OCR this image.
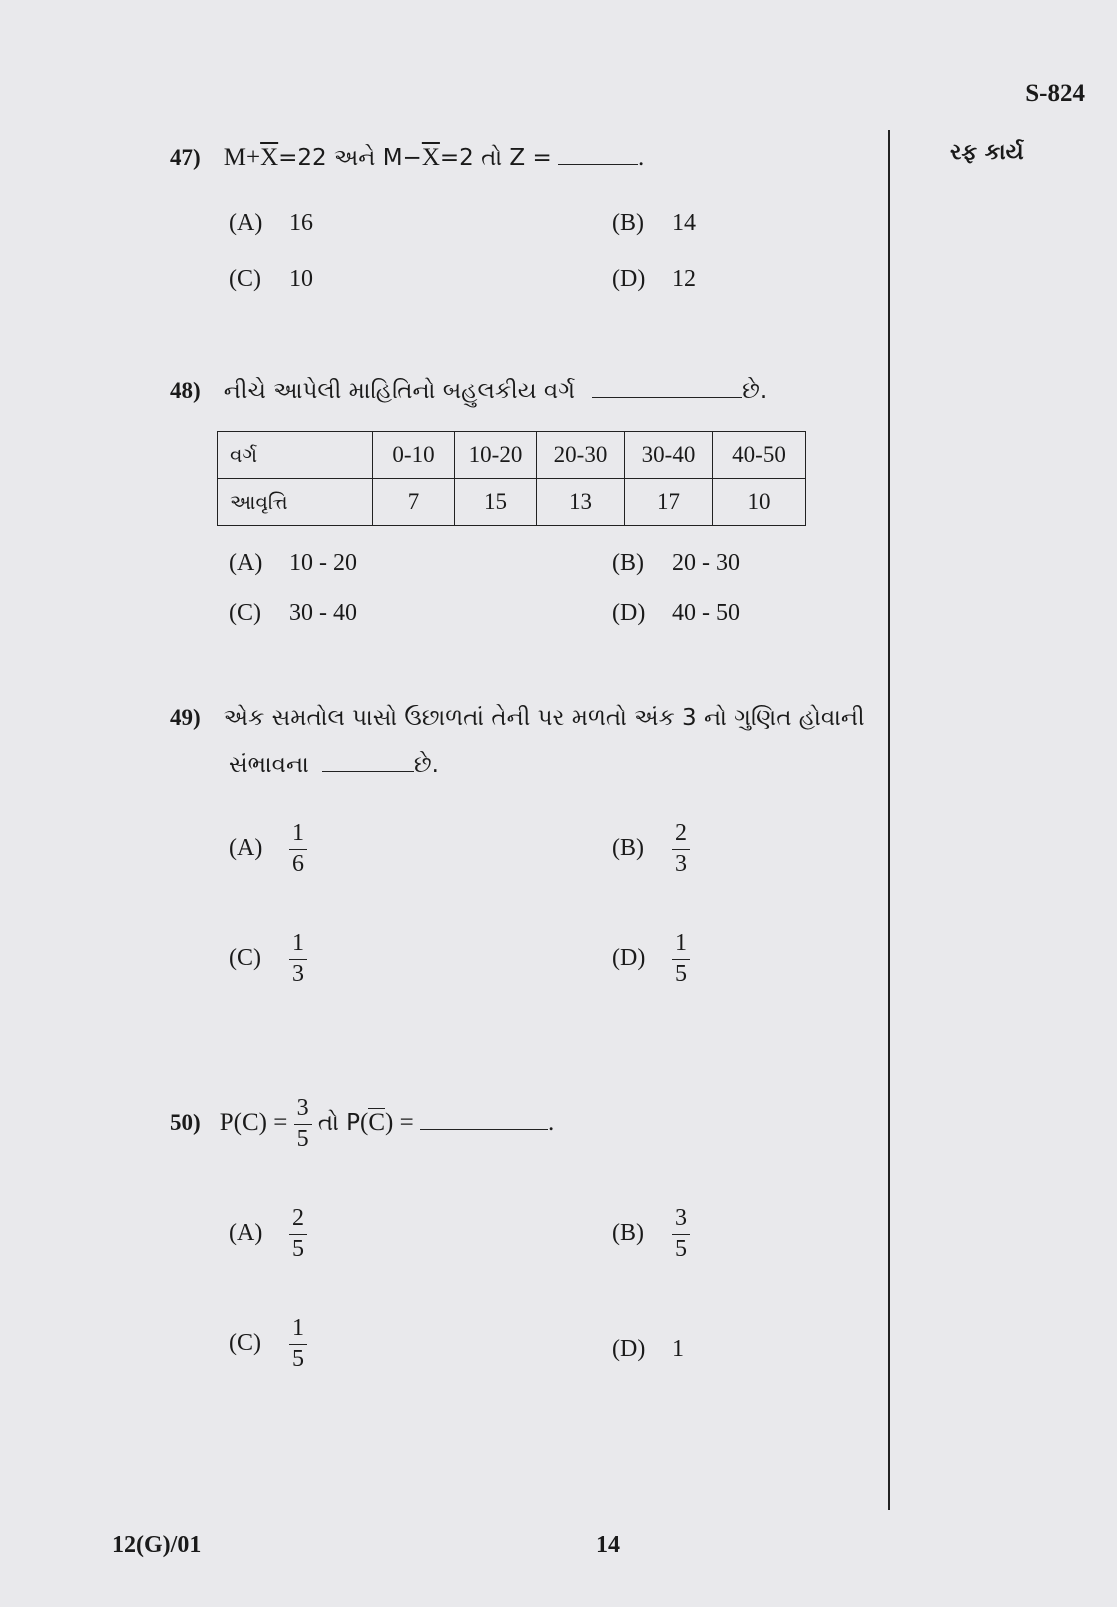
S-824
રફ કાર્ય
47) $M+\overline{X}=22$ અને $M-\overline{X}=2$ તો Z =	.
(A) 16	(B) 14
(C) 10	(D) 12
48) નીચે આપેલી માહિતિનો બહુલકીય વર્ગ	છે.
વર્ગ	0-10	10-20	20-30	30-40	40-50
આવૃત્તિ	7	15	13	17	10
(A) 10 - 20	(B) 20 - 30
(C) 30 - 40	(D) 40 - 50
49) એક સમતોલ પાસો ઉછાળતાં તેની પર મળતો અંક 3 નો ગુણિત હોવાની
સંભાવના	છે.
$(A) \frac{1}{6}$	$(B) \frac{2}{3}$
$(C) \frac{1}{3}$	$(D) \frac{1}{5}$
50) $P(C) = \frac{3}{5}$ તો P(C) =	.
$(A) \frac{2}{5}$	$(B) \frac{3}{5}$
$(C) \frac{1}{5}$	(D) 1
12(G)/01	14
